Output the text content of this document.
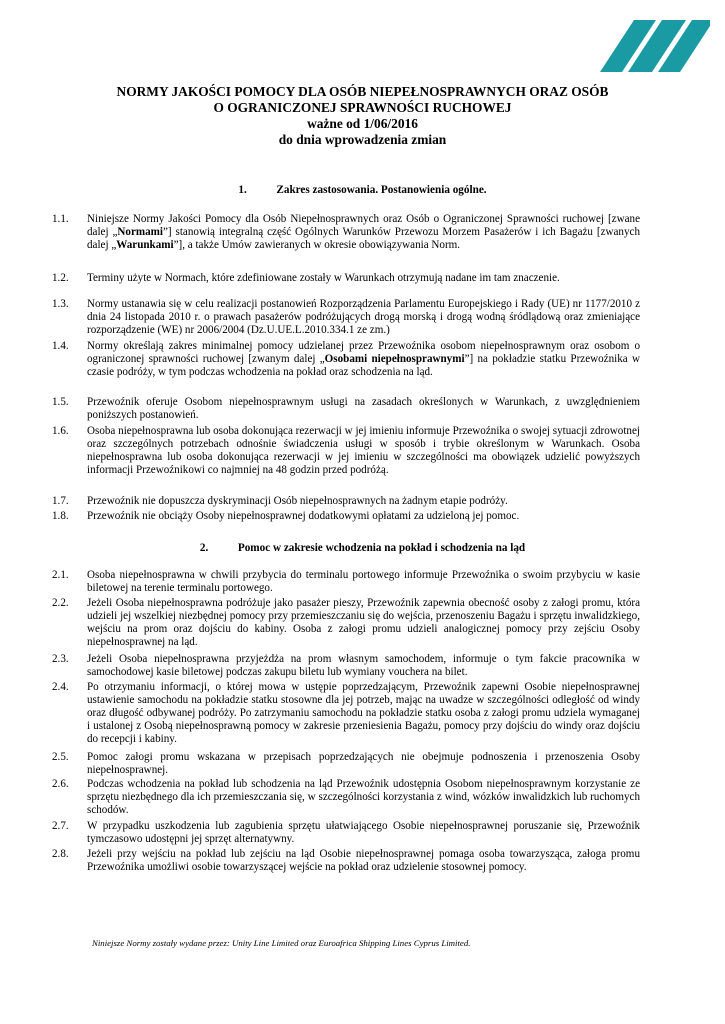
NORMY JAKOŚCI POMOCY DLA OSÓB NIEPEŁNOSPRAWNYCH ORAZ OSÓB
O OGRANICZONEJ SPRAWNOŚCI RUCHOWEJ
ważne od 1/06/2016
do dnia wprowadzenia zmian
1.	Zakres zastosowania. Postanowienia ogólne.
1.1. Niniejsze Normy Jakości Pomocy dla Osób Niepełnosprawnych oraz Osób o Ograniczonej Sprawności ruchowej [zwane dalej „Normami”] stanowią integralną część Ogólnych Warunków Przewozu Morzem Pasażerów i ich Bagażu [zwanych dalej „Warunkami”], a także Umów zawieranych w okresie obowiązywania Norm.
1.2. Terminy użyte w Normach, które zdefiniowane zostały w Warunkach otrzymują nadane im tam znaczenie.
1.3. Normy ustanawia się w celu realizacji postanowień Rozporządzenia Parlamentu Europejskiego i Rady (UE) nr 1177/2010 z dnia 24 listopada 2010 r. o prawach pasażerów podróżujących drogą morską i drogą wodną śródlądową oraz zmieniające rozporządzenie (WE) nr 2006/2004 (Dz.U.UE.L.2010.334.1 ze zm.)
1.4. Normy określają zakres minimalnej pomocy udzielanej przez Przewoźnika osobom niepełnosprawnym oraz osobom o ograniczonej sprawności ruchowej [zwanym dalej „Osobami niepełnosprawnymi”] na pokładzie statku Przewoźnika w czasie podróży, w tym podczas wchodzenia na pokład oraz schodzenia na ląd.
1.5. Przewoźnik oferuje Osobom niepełnosprawnym usługi na zasadach określonych w Warunkach, z uwzględnieniem poniższych postanowień.
1.6. Osoba niepełnosprawna lub osoba dokonująca rezerwacji w jej imieniu informuje Przewoźnika o swojej sytuacji zdrowotnej oraz szczególnych potrzebach odnośnie świadczenia usługi w sposób i trybie określonym w Warunkach. Osoba niepełnosprawna lub osoba dokonująca rezerwacji w jej imieniu w szczególności ma obowiązek udzielić powyższych informacji Przewoźnikowi co najmniej na 48 godzin przed podróżą.
1.7. Przewoźnik nie dopuszcza dyskryminacji Osób niepełnosprawnych na żadnym etapie podróży.
1.8. Przewoźnik nie obciąży Osoby niepełnosprawnej dodatkowymi opłatami za udzieloną jej pomoc.
2.	Pomoc w zakresie wchodzenia na pokład i schodzenia na ląd
2.1. Osoba niepełnosprawna w chwili przybycia do terminalu portowego informuje Przewoźnika o swoim przybyciu w kasie biletowej na terenie terminalu portowego.
2.2. Jeżeli Osoba niepełnosprawna podróżuje jako pasażer pieszy, Przewoźnik zapewnia obecność osoby z załogi promu, która udzieli jej wszelkiej niezbędnej pomocy przy przemieszczaniu się do wejścia, przenoszeniu Bagażu i sprzętu inwalidzkiego, wejściu na prom oraz dojściu do kabiny. Osoba z załogi promu udzieli analogicznej pomocy przy zejściu Osoby niepełnosprawnej na ląd.
2.3. Jeżeli Osoba niepełnosprawna przyjeżdża na prom własnym samochodem, informuje o tym fakcie pracownika w samochodowej kasie biletowej podczas zakupu biletu lub wymiany vouchera na bilet.
2.4. Po otrzymaniu informacji, o której mowa w ustępie poprzedzającym, Przewoźnik zapewni Osobie niepełnosprawnej ustawienie samochodu na pokładzie statku stosowne dla jej potrzeb, mając na uwadze w szczególności odległość od windy oraz długość odbywanej podróży. Po zatrzymaniu samochodu na pokładzie statku osoba z załogi promu udziela wymaganej i ustalonej z Osobą niepełnosprawną pomocy w zakresie przeniesienia Bagażu, pomocy przy dojściu do windy oraz dojściu do recepcji i kabiny.
2.5. Pomoc załogi promu wskazana w przepisach poprzedzających nie obejmuje podnoszenia i przenoszenia Osoby niepełnosprawnej.
2.6. Podczas wchodzenia na pokład lub schodzenia na ląd Przewoźnik udostępnia Osobom niepełnosprawnym korzystanie ze sprzętu niezbędnego dla ich przemieszczania się, w szczególności korzystania z wind, wózków inwalidzkich lub ruchomych schodów.
2.7. W przypadku uszkodzenia lub zagubienia sprzętu ułatwiającego Osobie niepełnosprawnej poruszanie się, Przewoźnik tymczasowo udostępni jej sprzęt alternatywny.
2.8. Jeżeli przy wejściu na pokład lub zejściu na ląd Osobie niepełnosprawnej pomaga osoba towarzysząca, załoga promu Przewoźnika umożliwi osobie towarzyszącej wejście na pokład oraz udzielenie stosownej pomocy.
Niniejsze Normy zostały wydane przez: Unity Line Limited oraz Euroafrica Shipping Lines Cyprus Limited.
